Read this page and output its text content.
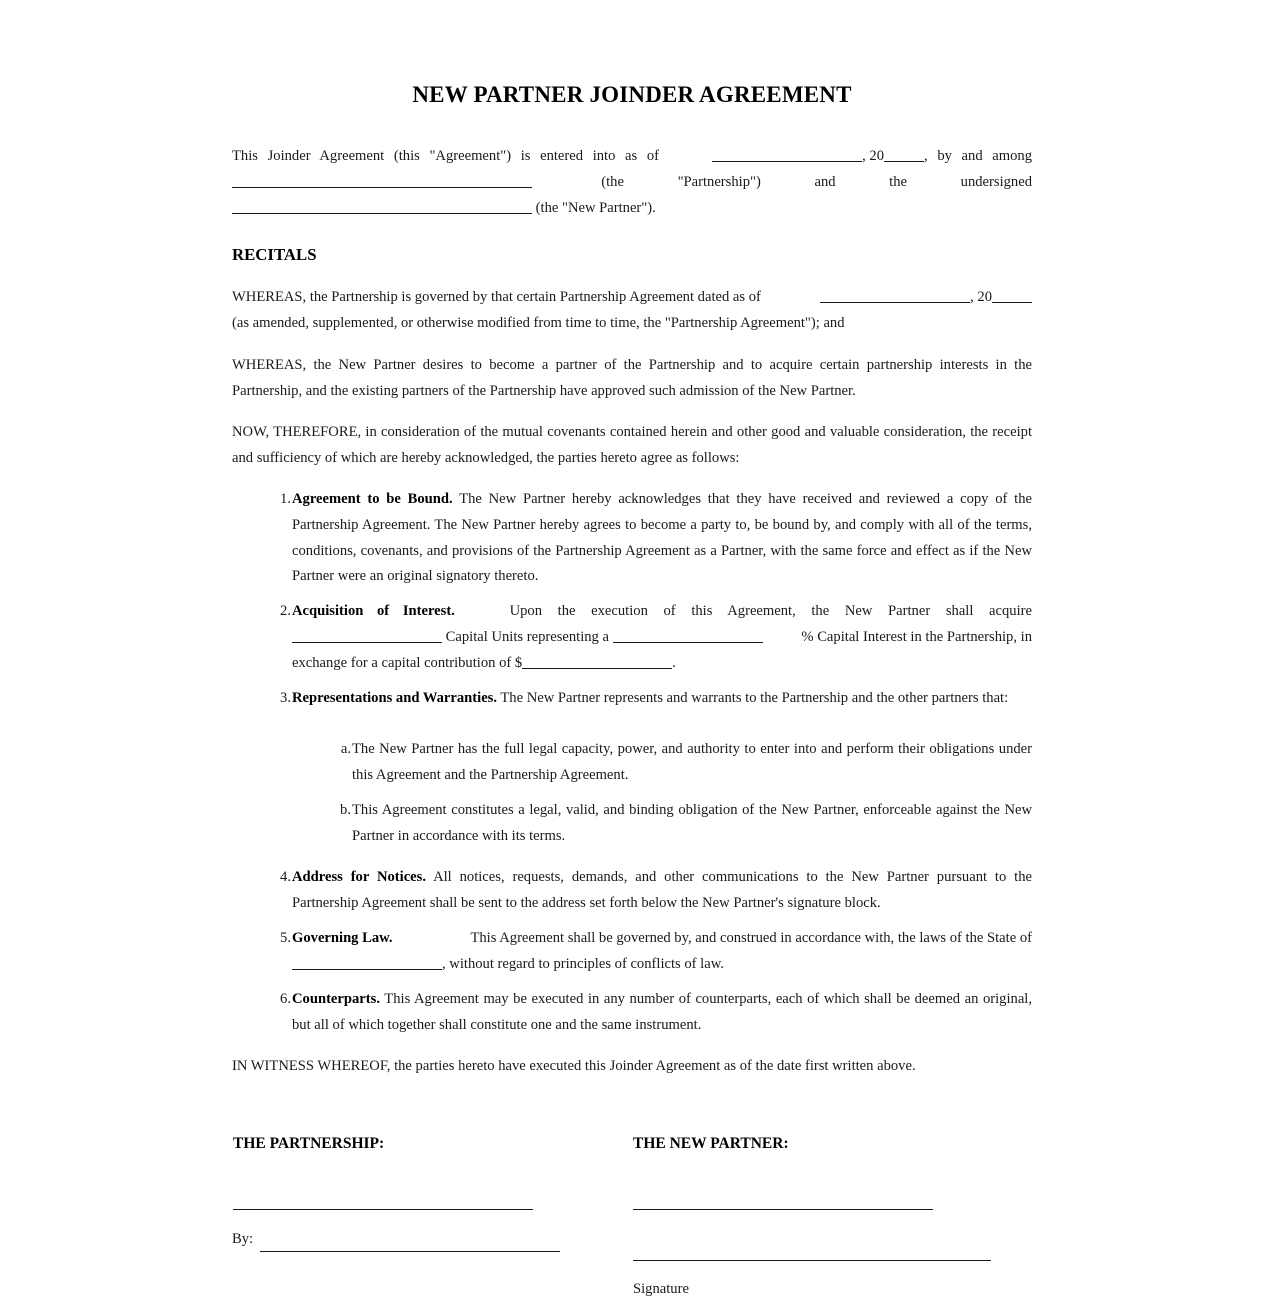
NEW PARTNER JOINDER AGREEMENT
This Joinder Agreement (this "Agreement") is entered into as of	, 20	, by and among
(the "Partnership") and the undersigned
(the "New Partner").
RECITALS
WHEREAS, the Partnership is governed by that certain Partnership Agreement dated as of	, 20
(as amended, supplemented, or otherwise modified from time to time, the "Partnership Agreement"); and

WHEREAS, the New Partner desires to become a partner of the Partnership and to acquire certain partnership interests in the Partnership, and the existing partners of the Partnership have approved such admission of the New Partner.

NOW, THEREFORE, in consideration of the mutual covenants contained herein and other good and valuable consideration, the receipt and sufficiency of which are hereby acknowledged, the parties hereto agree as follows:

1. Agreement to be Bound. The New Partner hereby acknowledges that they have received and reviewed a copy of the Partnership Agreement. The New Partner hereby agrees to become a party to, be bound by, and comply with all of the terms, conditions, covenants, and provisions of the Partnership Agreement as a Partner, with the same force and effect as if the New Partner were an original signatory thereto.
2. Acquisition of Interest.	Upon the execution of this Agreement, the New Partner shall acquire
Capital Units representing a	% Capital Interest in the Partnership, in
exchange for a capital contribution of $	.
3. Representations and Warranties. The New Partner represents and warrants to the Partnership and the other partners that:
a. The New Partner has the full legal capacity, power, and authority to enter into and perform their obligations under this Agreement and the Partnership Agreement.
b. This Agreement constitutes a legal, valid, and binding obligation of the New Partner, enforceable against the New Partner in accordance with its terms.
4. Address for Notices. All notices, requests, demands, and other communications to the New Partner pursuant to the Partnership Agreement shall be sent to the address set forth below the New Partner's signature block.
5. Governing Law.	This Agreement shall be governed by, and construed in accordance with, the laws of the State of
, without regard to principles of conflicts of law.
6. Counterparts. This Agreement may be executed in any number of counterparts, each of which shall be deemed an original, but all of which together shall constitute one and the same instrument.

IN WITNESS WHEREOF, the parties hereto have executed this Joinder Agreement as of the date first written above.

THE PARTNERSHIP:	THE NEW PARTNER:
By:
Signature
